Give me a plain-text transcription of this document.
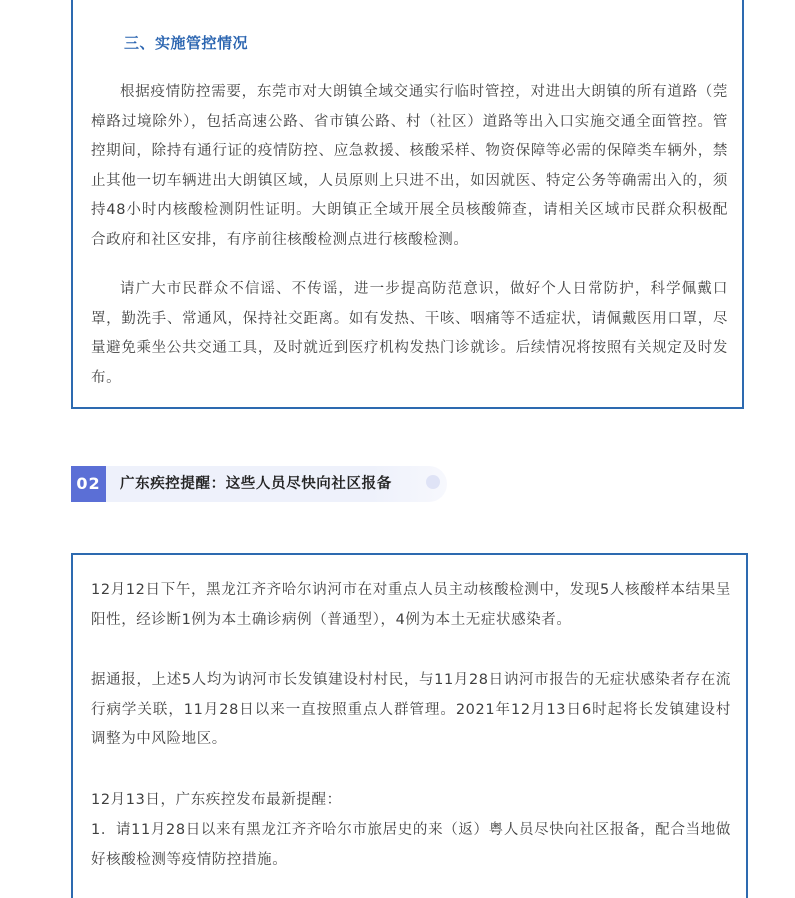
三、实施管控情况

根据疫情防控需要，东莞市对大朗镇全域交通实行临时管控，对进出大朗镇的所有道路（莞樟路过境除外），包括高速公路、省市镇公路、村（社区）道路等出入口实施交通全面管控。管控期间，除持有通行证的疫情防控、应急救援、核酸采样、物资保障等必需的保障类车辆外，禁止其他一切车辆进出大朗镇区域，人员原则上只进不出，如因就医、特定公务等确需出入的，须持48小时内核酸检测阴性证明。大朗镇正全域开展全员核酸筛查，请相关区域市民群众积极配合政府和社区安排，有序前往核酸检测点进行核酸检测。

请广大市民群众不信谣、不传谣，进一步提高防范意识，做好个人日常防护，科学佩戴口罩，勤洗手、常通风，保持社交距离。如有发热、干咳、咽痛等不适症状，请佩戴医用口罩，尽量避免乘坐公共交通工具，及时就近到医疗机构发热门诊就诊。后续情况将按照有关规定及时发布。

02	广东疾控提醒：这些人员尽快向社区报备

12月12日下午，黑龙江齐齐哈尔讷河市在对重点人员主动核酸检测中，发现5人核酸样本结果呈阳性，经诊断1例为本土确诊病例（普通型），4例为本土无症状感染者。

据通报，上述5人均为讷河市长发镇建设村村民，与11月28日讷河市报告的无症状感染者存在流行病学关联，11月28日以来一直按照重点人群管理。2021年12月13日6时起将长发镇建设村调整为中风险地区。

12月13日，广东疾控发布最新提醒：

1．请11月28日以来有黑龙江齐齐哈尔市旅居史的来（返）粤人员尽快向社区报备，配合当地做好核酸检测等疫情防控措施。
